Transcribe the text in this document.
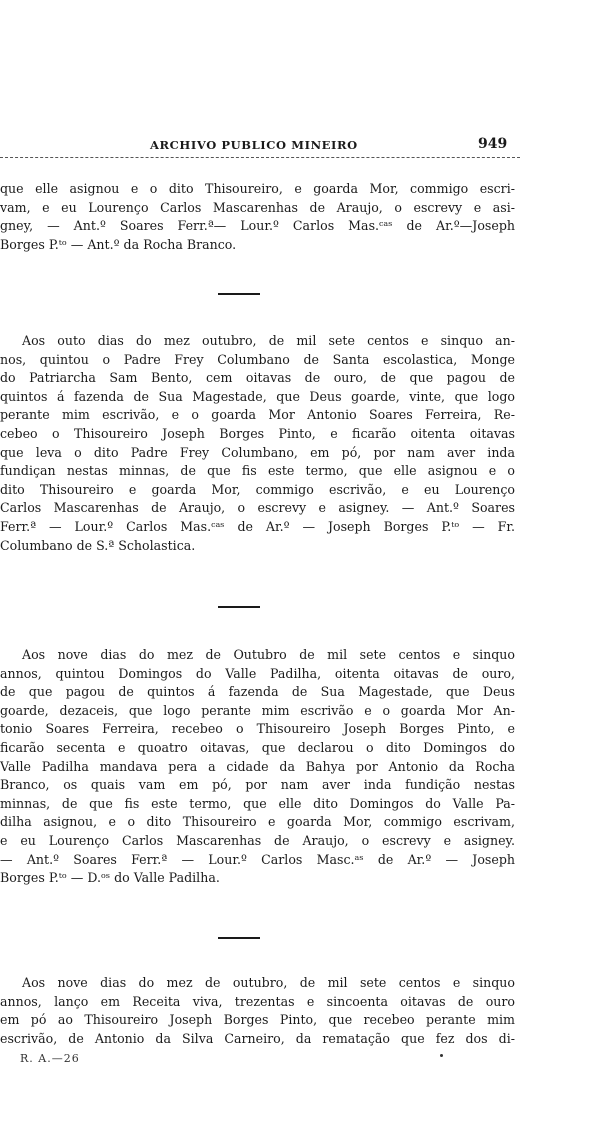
ARCHIVO PUBLICO MINEIRO	949
que elle asignou e o dito Thisoureiro, e goarda Mor, commigo escri-
vam, e eu Lourenço Carlos Mascarenhas de Araujo, o escrevy e asi-
gney, — Ant.º Soares Ferr.ª— Lour.º Carlos Mas.ᶜᵃˢ de Ar.º—Joseph
Borges P.ᵗᵒ — Ant.º da Rocha Branco.
Aos outo dias do mez outubro, de mil sete centos e sinquo an-
nos, quintou o Padre Frey Columbano de Santa escolastica, Monge
do Patriarcha Sam Bento, cem oitavas de ouro, de que pagou de
quintos á fazenda de Sua Magestade, que Deus goarde, vinte, que logo
perante mim escrivão, e o goarda Mor Antonio Soares Ferreira, Re-
cebeo o Thisoureiro Joseph Borges Pinto, e ficarão oitenta oitavas
que leva o dito Padre Frey Columbano, em pó, por nam aver inda
fundiçan nestas minnas, de que fis este termo, que elle asignou e o
dito Thisoureiro e goarda Mor, commigo escrivão, e eu Lourenço
Carlos Mascarenhas de Araujo, o escrevy e asigney. — Ant.º Soares
Ferr.ª — Lour.º Carlos Mas.ᶜᵃˢ de Ar.º — Joseph Borges P.ᵗᵒ — Fr.
Columbano de S.ª Scholastica.
Aos nove dias do mez de Outubro de mil sete centos e sinquo
annos, quintou Domingos do Valle Padilha, oitenta oitavas de ouro,
de que pagou de quintos á fazenda de Sua Magestade, que Deus
goarde, dezaceis, que logo perante mim escrivão e o goarda Mor An-
tonio Soares Ferreira, recebeo o Thisoureiro Joseph Borges Pinto, e
ficarão secenta e quoatro oitavas, que declarou o dito Domingos do
Valle Padilha mandava pera a cidade da Bahya por Antonio da Rocha
Branco, os quais vam em pó, por nam aver inda fundição nestas
minnas, de que fis este termo, que elle dito Domingos do Valle Pa-
dilha asignou, e o dito Thisoureiro e goarda Mor, commigo escrivam,
e eu Lourenço Carlos Mascarenhas de Araujo, o escrevy e asigney.
— Ant.º Soares Ferr.ª — Lour.º Carlos Masc.ᵃˢ de Ar.º — Joseph
Borges P.ᵗᵒ — D.ᵒˢ do Valle Padilha.
Aos nove dias do mez de outubro, de mil sete centos e sinquo
annos, lanço em Receita viva, trezentas e sincoenta oitavas de ouro
em pó ao Thisoureiro Joseph Borges Pinto, que recebeo perante mim
escrivão, de Antonio da Silva Carneiro, da rematação que fez dos di-
R. A.—26
